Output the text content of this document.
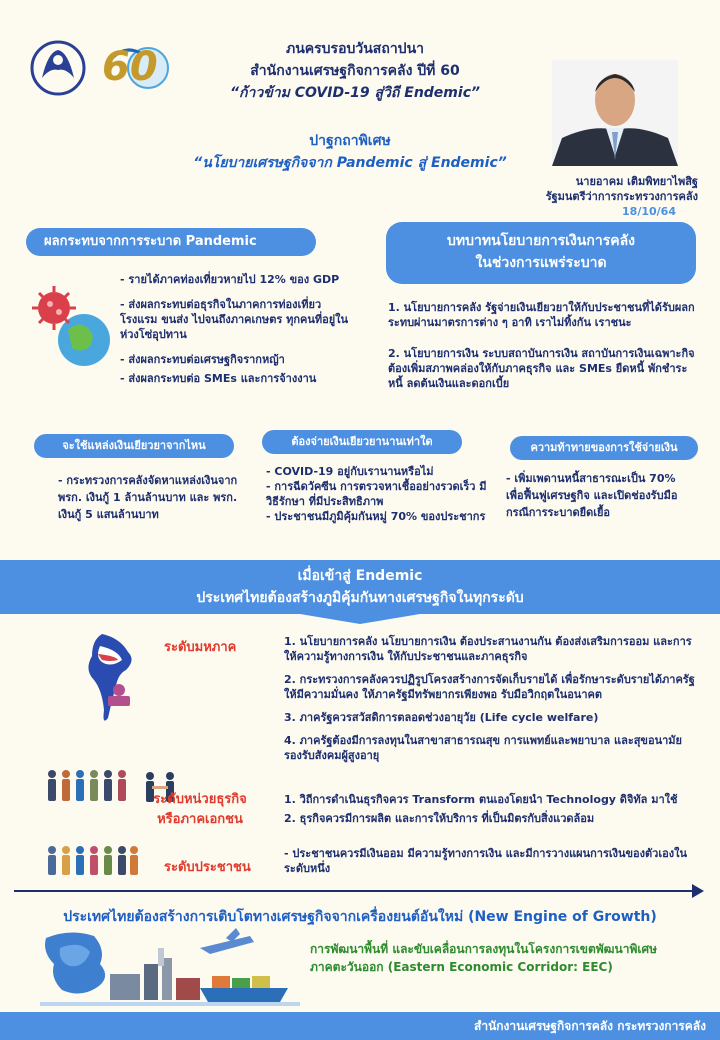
60	ภนครบรอบวันสถาปนา
สำนักงานเศรษฐกิจการคลัง ปีที่ 60
“ก้าวข้าม COVID-19 สู่วิถี Endemic”
ปาฐกถาพิเศษ
“นโยบายเศรษฐกิจจาก Pandemic สู่ Endemic”
นายอาคม เติมพิทยาไพสิฐ
รัฐมนตรีว่าการกระทรวงการคลัง
18/10/64
ผลกระทบจากการระบาด Pandemic
- รายได้ภาคท่องเที่ยวหายไป 12% ของ GDP
- ส่งผลกระทบต่อธุรกิจในภาคการท่องเที่ยว โรงแรม ขนส่ง ไปจนถึงภาคเกษตร ทุกคนที่อยู่ในห่วงโซ่อุปทาน
- ส่งผลกระทบต่อเศรษฐกิจรากหญ้า
- ส่งผลกระทบต่อ SMEs และการจ้างงาน
บทบาทนโยบายการเงินการคลัง
ในช่วงการแพร่ระบาด
1. นโยบายการคลัง รัฐจ่ายเงินเยียวยาให้กับประชาชนที่ได้รับผลกระทบผ่านมาตรการต่าง ๆ อาทิ เราไม่ทิ้งกัน เราชนะ
2. นโยบายการเงิน ระบบสถาบันการเงิน สถาบันการเงินเฉพาะกิจต้องเพิ่มสภาพคล่องให้กับภาคธุรกิจ และ SMEs ยืดหนี้ พักชำระหนี้ ลดต้นเงินและดอกเบี้ย
จะใช้แหล่งเงินเยียวยาจากไหน
- กระทรวงการคลังจัดหาแหล่งเงินจาก พรก. เงินกู้ 1 ล้านล้านบาท และ พรก. เงินกู้ 5 แสนล้านบาท
ต้องจ่ายเงินเยียวยานานเท่าใด
- COVID-19 อยู่กับเรานานหรือไม่
- การฉีดวัคซีน การตรวจหาเชื้ออย่างรวดเร็ว มีวิธีรักษา ที่มีประสิทธิภาพ
- ประชาชนมีภูมิคุ้มกันหมู่ 70% ของประชากร
ความท้าทายของการใช้จ่ายเงิน
- เพิ่มเพดานหนี้สาธารณะเป็น 70% เพื่อฟื้นฟูเศรษฐกิจ และเปิดช่องรับมือ กรณีการระบาดยืดเยื้อ
เมื่อเข้าสู่ Endemic
ประเทศไทยต้องสร้างภูมิคุ้มกันทางเศรษฐกิจในทุกระดับ
ระดับมหภาค	1. นโยบายการคลัง นโยบายการเงิน ต้องประสานงานกัน ต้องส่งเสริมการออม และการให้ความรู้ทางการเงิน ให้กับประชาชนและภาคธุรกิจ
2. กระทรวงการคลังควรปฏิรูปโครงสร้างการจัดเก็บรายได้ เพื่อรักษาระดับรายได้ภาครัฐให้มีความมั่นคง ให้ภาครัฐมีทรัพยากรเพียงพอ รับมือวิกฤตในอนาคต
3. ภาครัฐควรสวัสดิการตลอดช่วงอายุวัย (Life cycle welfare)
4. ภาครัฐต้องมีการลงทุนในสาขาสาธารณสุข การแพทย์และพยาบาล และสุขอนามัย รองรับสังคมผู้สูงอายุ
ระดับหน่วยธุรกิจ
หรือภาคเอกชน
1. วิถีการดำเนินธุรกิจควร Transform ตนเองโดยนำ Technology ดิจิทัล มาใช้
2. ธุรกิจควรมีการผลิต และการให้บริการ ที่เป็นมิตรกับสิ่งแวดล้อม
ระดับประชาชน
- ประชาชนควรมีเงินออม มีความรู้ทางการเงิน และมีการวางแผนการเงินของตัวเองในระดับหนึ่ง
ประเทศไทยต้องสร้างการเติบโตทางเศรษฐกิจจากเครื่องยนต์อันใหม่ (New Engine of Growth)
การพัฒนาพื้นที่ และขับเคลื่อนการลงทุนในโครงการเขตพัฒนาพิเศษ
ภาคตะวันออก (Eastern Economic Corridor: EEC)
สำนักงานเศรษฐกิจการคลัง กระทรวงการคลัง
